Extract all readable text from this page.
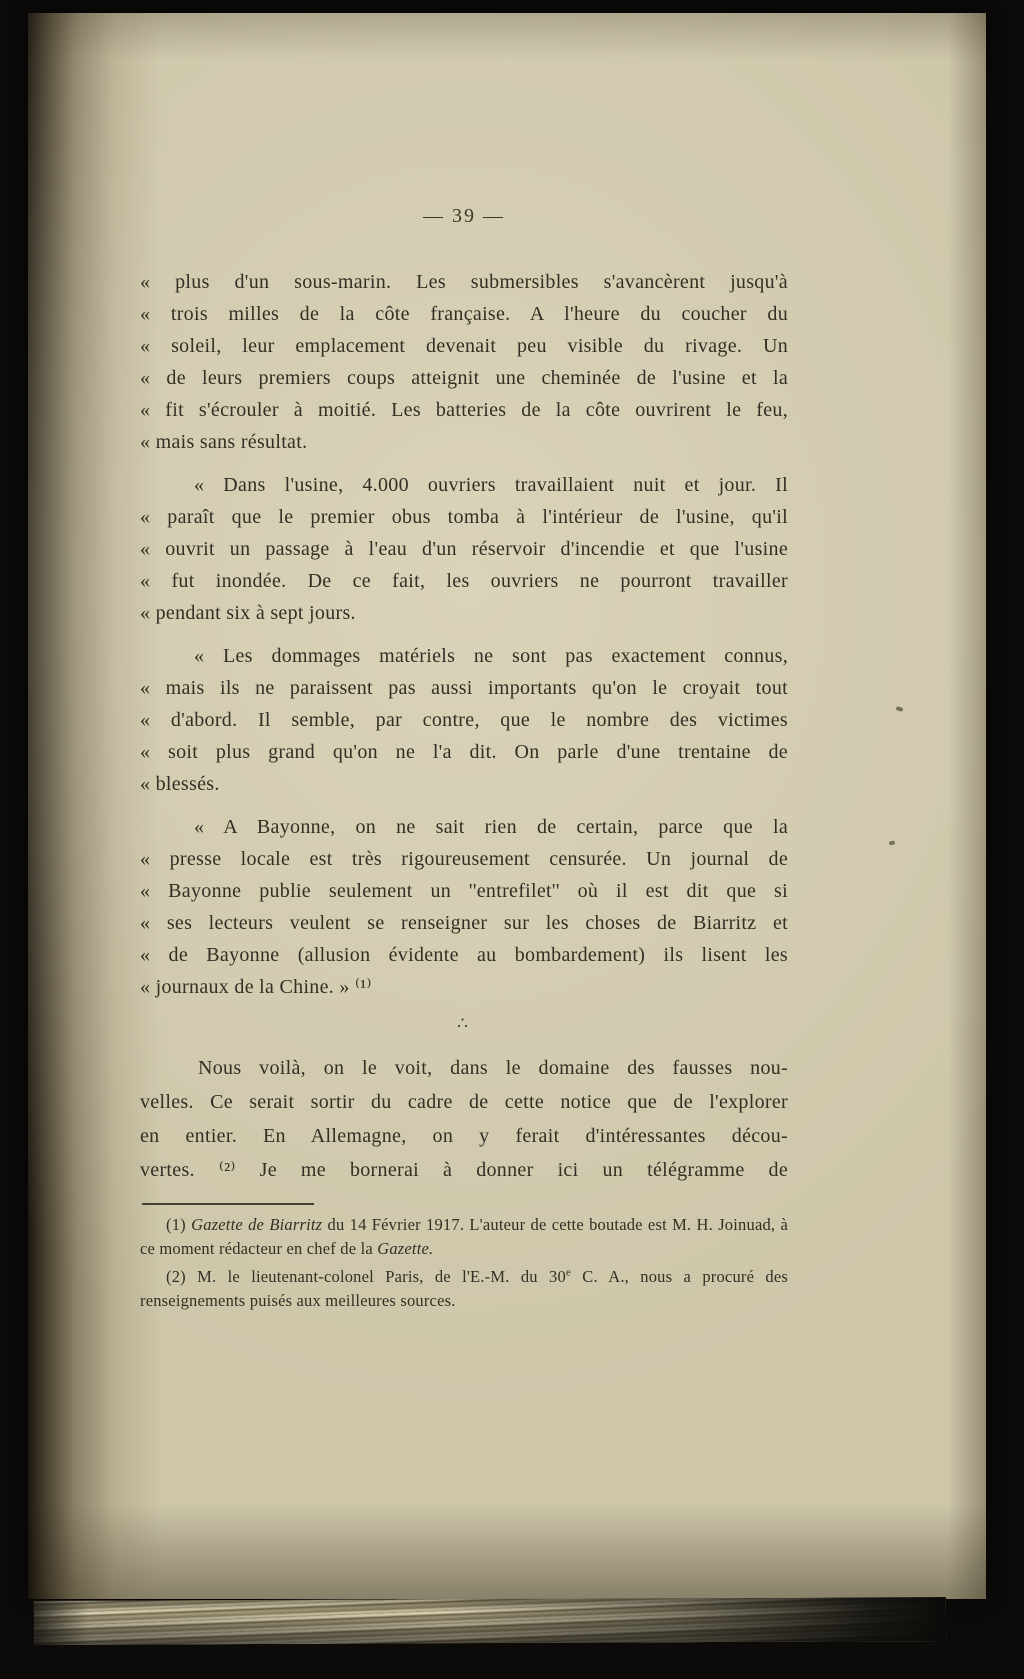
— 39 —
« plus d'un sous-marin. Les submersibles s'avancèrent jusqu'à
« trois milles de la côte française. A l'heure du coucher du
« soleil, leur emplacement devenait peu visible du rivage. Un
« de leurs premiers coups atteignit une cheminée de l'usine et la
« fit s'écrouler à moitié. Les batteries de la côte ouvrirent le feu,
« mais sans résultat.
« Dans l'usine, 4.000 ouvriers travaillaient nuit et jour. Il
« paraît que le premier obus tomba à l'intérieur de l'usine, qu'il
« ouvrit un passage à l'eau d'un réservoir d'incendie et que l'usine
« fut inondée. De ce fait, les ouvriers ne pourront travailler
« pendant six à sept jours.
« Les dommages matériels ne sont pas exactement connus,
« mais ils ne paraissent pas aussi importants qu'on le croyait tout
« d'abord. Il semble, par contre, que le nombre des victimes
« soit plus grand qu'on ne l'a dit. On parle d'une trentaine de
« blessés.
« A Bayonne, on ne sait rien de certain, parce que la
« presse locale est très rigoureusement censurée. Un journal de
« Bayonne publie seulement un ''entrefilet'' où il est dit que si
« ses lecteurs veulent se renseigner sur les choses de Biarritz et
« de Bayonne (allusion évidente au bombardement) ils lisent les
« journaux de la Chine. » ⁽¹⁾
∴
Nous voilà, on le voit, dans le domaine des fausses nou-
velles. Ce serait sortir du cadre de cette notice que de l'explorer
en entier. En Allemagne, on y ferait d'intéressantes décou-
vertes. ⁽²⁾ Je me bornerai à donner ici un télégramme de

(1) Gazette de Biarritz du 14 Février 1917. L'auteur de cette boutade est M. H. Joinuad, à ce moment rédacteur en chef de la Gazette.

(2) M. le lieutenant-colonel Paris, de l'E.-M. du 30e C. A., nous a procuré des renseignements puisés aux meilleures sources.
